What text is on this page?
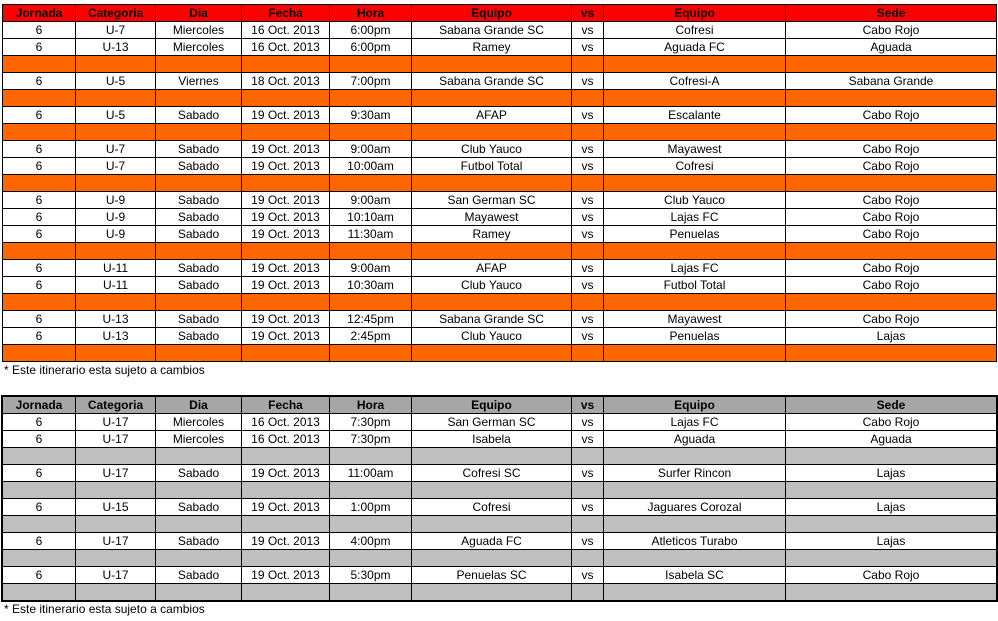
Jornada	Categoria	Dia	Fecha	Hora	Equipo	vs	Equipo	Sede
6	U-7	Miercoles	16 Oct. 2013	6:00pm	Sabana Grande SC	vs	Cofresi	Cabo Rojo
6	U-13	Miercoles	16 Oct. 2013	6:00pm	Ramey	vs	Aguada FC	Aguada

6	U-5	Viernes	18 Oct. 2013	7:00pm	Sabana Grande SC	vs	Cofresi-A	Sabana Grande

6	U-5	Sabado	19 Oct. 2013	9:30am	AFAP	vs	Escalante	Cabo Rojo

6	U-7	Sabado	19 Oct. 2013	9:00am	Club Yauco	vs	Mayawest	Cabo Rojo
6	U-7	Sabado	19 Oct. 2013	10:00am	Futbol Total	vs	Cofresi	Cabo Rojo

6	U-9	Sabado	19 Oct. 2013	9:00am	San German SC	vs	Club Yauco	Cabo Rojo
6	U-9	Sabado	19 Oct. 2013	10:10am	Mayawest	vs	Lajas FC	Cabo Rojo
6	U-9	Sabado	19 Oct. 2013	11:30am	Ramey	vs	Penuelas	Cabo Rojo

6	U-11	Sabado	19 Oct. 2013	9:00am	AFAP	vs	Lajas FC	Cabo Rojo
6	U-11	Sabado	19 Oct. 2013	10:30am	Club Yauco	vs	Futbol Total	Cabo Rojo

6	U-13	Sabado	19 Oct. 2013	12:45pm	Sabana Grande SC	vs	Mayawest	Cabo Rojo
6	U-13	Sabado	19 Oct. 2013	2:45pm	Club Yauco	vs	Penuelas	Lajas

* Este itinerario esta sujeto a cambios
Jornada	Categoria	Dia	Fecha	Hora	Equipo	vs	Equipo	Sede
6	U-17	Miercoles	16 Oct. 2013	7:30pm	San German SC	vs	Lajas FC	Cabo Rojo
6	U-17	Miercoles	16 Oct. 2013	7:30pm	Isabela	vs	Aguada	Aguada

6	U-17	Sabado	19 Oct. 2013	11:00am	Cofresi SC	vs	Surfer Rincon	Lajas

6	U-15	Sabado	19 Oct. 2013	1:00pm	Cofresi	vs	Jaguares Corozal	Lajas

6	U-17	Sabado	19 Oct. 2013	4:00pm	Aguada FC	vs	Atleticos Turabo	Lajas

6	U-17	Sabado	19 Oct. 2013	5:30pm	Penuelas SC	vs	Isabela SC	Cabo Rojo

* Este itinerario esta sujeto a cambios
